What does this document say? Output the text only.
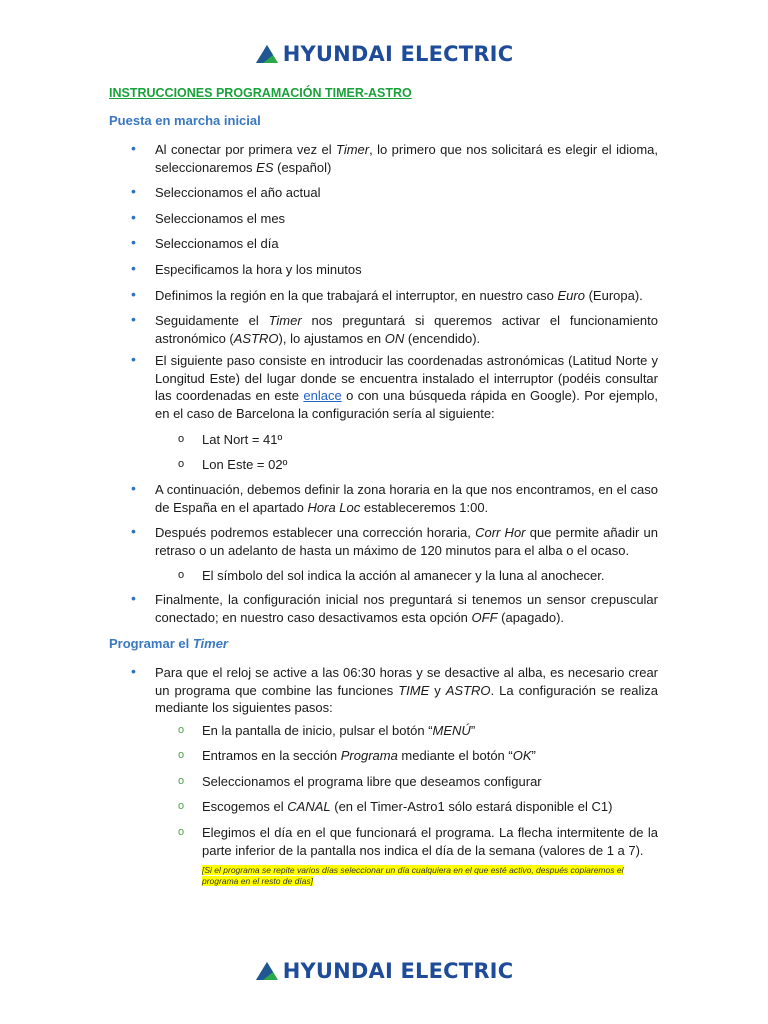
HYUNDAI ELECTRIC
INSTRUCCIONES PROGRAMACIÓN TIMER-ASTRO
Puesta en marcha inicial
• Al conectar por primera vez el Timer, lo primero que nos solicitará es elegir el idioma, seleccionaremos ES (español)
• Seleccionamos el año actual
• Seleccionamos el mes
• Seleccionamos el día
• Especificamos la hora y los minutos
• Definimos la región en la que trabajará el interruptor, en nuestro caso Euro (Europa).
• Seguidamente el Timer nos preguntará si queremos activar el funcionamiento astronómico (ASTRO), lo ajustamos en ON (encendido).
• El siguiente paso consiste en introducir las coordenadas astronómicas (Latitud Norte y Longitud Este) del lugar donde se encuentra instalado el interruptor (podéis consultar las coordenadas en este enlace o con una búsqueda rápida en Google). Por ejemplo, en el caso de Barcelona la configuración sería al siguiente:
• A continuación, debemos definir la zona horaria en la que nos encontramos, en el caso de España en el apartado Hora Loc estableceremos 1:00.
• Después podremos establecer una corrección horaria, Corr Hor que permite añadir un retraso o un adelanto de hasta un máximo de 120 minutos para el alba o el ocaso.
• Finalmente, la configuración inicial nos preguntará si tenemos un sensor crepuscular conectado; en nuestro caso desactivamos esta opción OFF (apagado).
o Lat Nort = 41º
o Lon Este = 02º
o El símbolo del sol indica la acción al amanecer y la luna al anochecer.
Programar el Timer
• Para que el reloj se active a las 06:30 horas y se desactive al alba, es necesario crear un programa que combine las funciones TIME y ASTRO. La configuración se realiza mediante los siguientes pasos:
o En la pantalla de inicio, pulsar el botón “MENÚ”
o Entramos en la sección Programa mediante el botón “OK”
o Seleccionamos el programa libre que deseamos configurar
o Escogemos el CANAL (en el Timer-Astro1 sólo estará disponible el C1)
o Elegimos el día en el que funcionará el programa. La flecha intermitente de la parte inferior de la pantalla nos indica el día de la semana (valores de 1 a 7).
[Si el programa se repite varios días seleccionar un día cualquiera en el que esté activo, después copiaremos el programa en el resto de días]
HYUNDAI ELECTRIC
